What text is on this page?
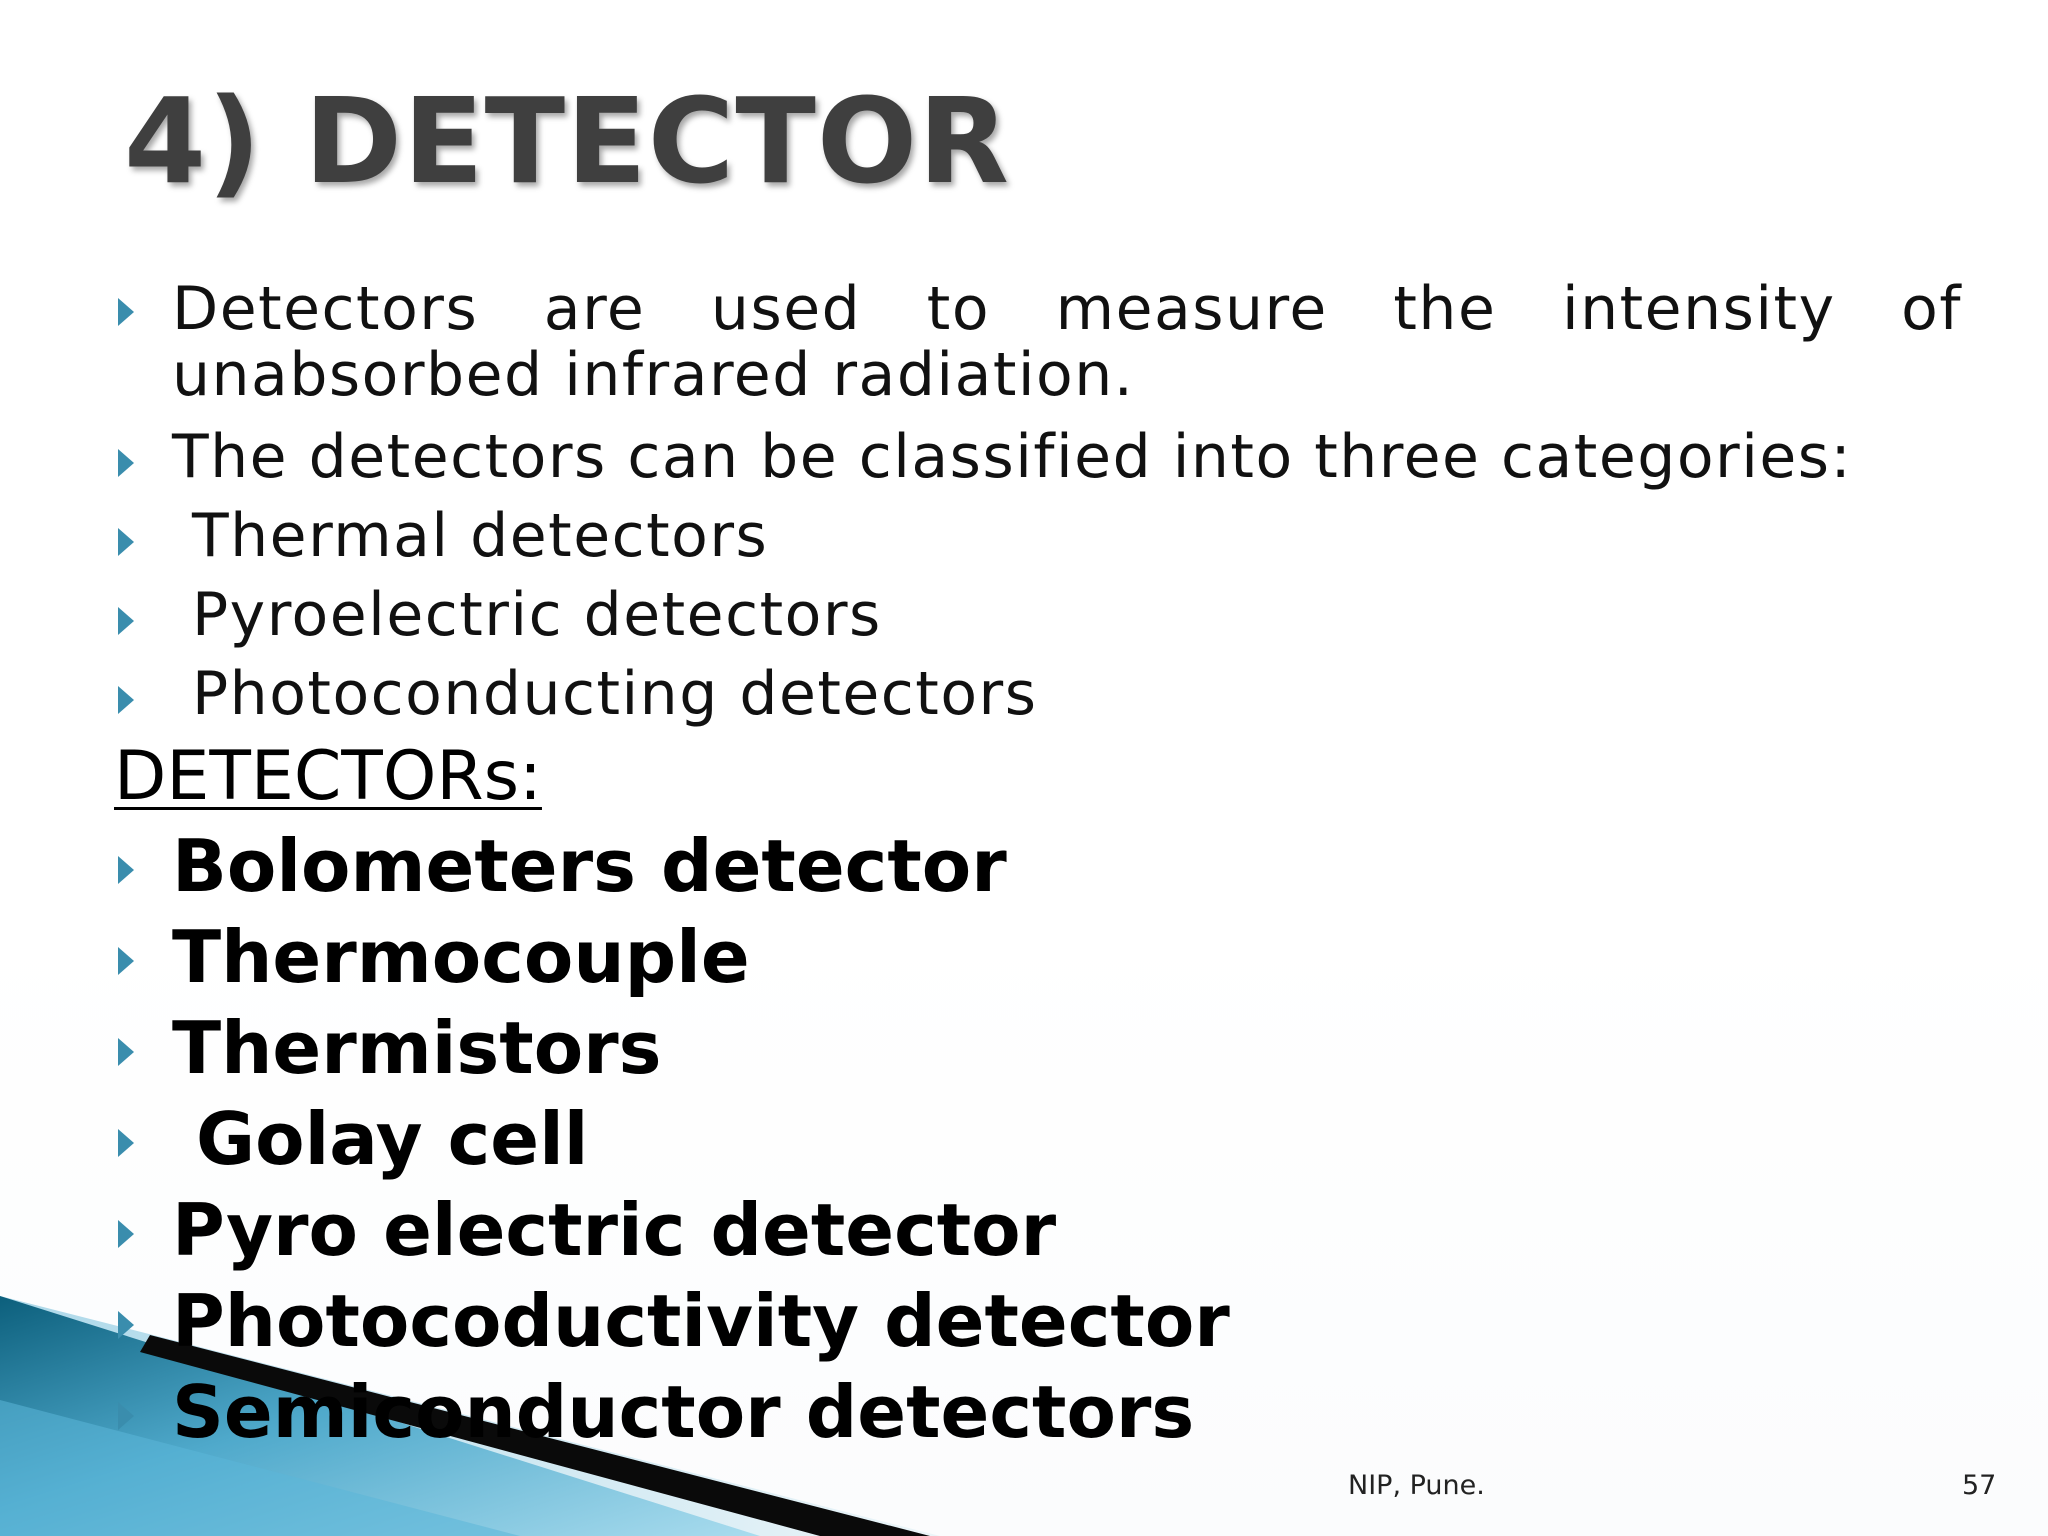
4) DETECTOR
Detectors are used to measure the intensity of
unabsorbed infrared radiation.
The detectors can be classified into three categories:
Thermal detectors
Pyroelectric detectors
Photoconducting detectors
DETECTORs:
Bolometers detector
Thermocouple
Thermistors
Golay cell
Pyro electric detector
Photocoductivity detector
Semiconductor detectors
NIP, Pune.	57
